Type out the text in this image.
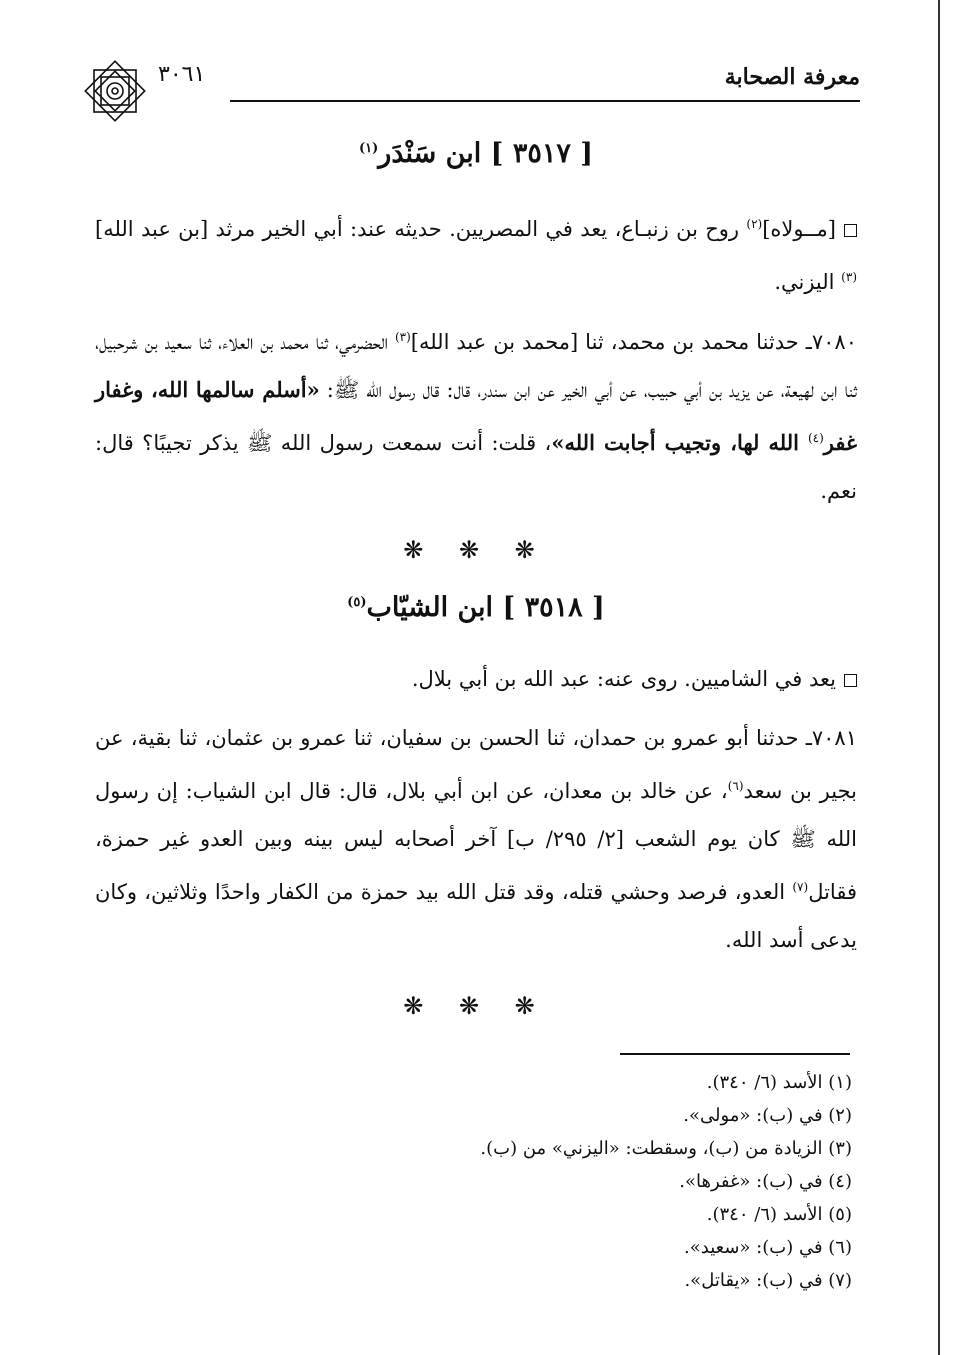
٣٠٦١	معرفة الصحابة
[ ٣٥١٧ ] ابن سَنْدَر$^{(١)}$
[مــولاه]$^{(٢)}$ روح بن زنبـاع، يعد في المصريين. حديثه عند: أبي الخير مرثد [بن عبد الله]$^{(٣)}$ اليزني.
٧٠٨٠ـ حدثنا محمد بن محمد، ثنا [محمد بن عبد الله]$^{(٣)}$ الحضرمي، ثنا محمد بن العلاء، ثنا سعيد بن شرحبيل، ثنا ابن لهيعة، عن يزيد بن أبي حبيب، عن أبي الخير عن ابن سندر، قال: قال رسول الله ﷺ: «أسلم سالمها الله، وغفار غفر$^{(٤)}$ الله لها، وتجيب أجابت الله»، قلت: أنت سمعت رسول الله ﷺ يذكر تجيبًا؟ قال: نعم.
❋ ❋ ❋
[ ٣٥١٨ ] ابن الشيّاب$^{(٥)}$
يعد في الشاميين. روى عنه: عبد الله بن أبي بلال.
٧٠٨١ـ حدثنا أبو عمرو بن حمدان، ثنا الحسن بن سفيان، ثنا عمرو بن عثمان، ثنا بقية، عن بجير بن سعد$^{(٦)}$، عن خالد بن معدان، عن ابن أبي بلال، قال: قال ابن الشياب: إن رسول الله ﷺ كان يوم الشعب [٢/ ٢٩٥/ ب] آخر أصحابه ليس بينه وبين العدو غير حمزة، فقاتل$^{(٧)}$ العدو، فرصد وحشي قتله، وقد قتل الله بيد حمزة من الكفار واحدًا وثلاثين، وكان يدعى أسد الله.
❋ ❋ ❋
(١) الأسد (٦/ ٣٤٠).
(٢) في (ب): «مولى».
(٣) الزيادة من (ب)، وسقطت: «اليزني» من (ب).
(٤) في (ب): «غفرها».
(٥) الأسد (٦/ ٣٤٠).
(٦) في (ب): «سعيد».
(٧) في (ب): «يقاتل».
